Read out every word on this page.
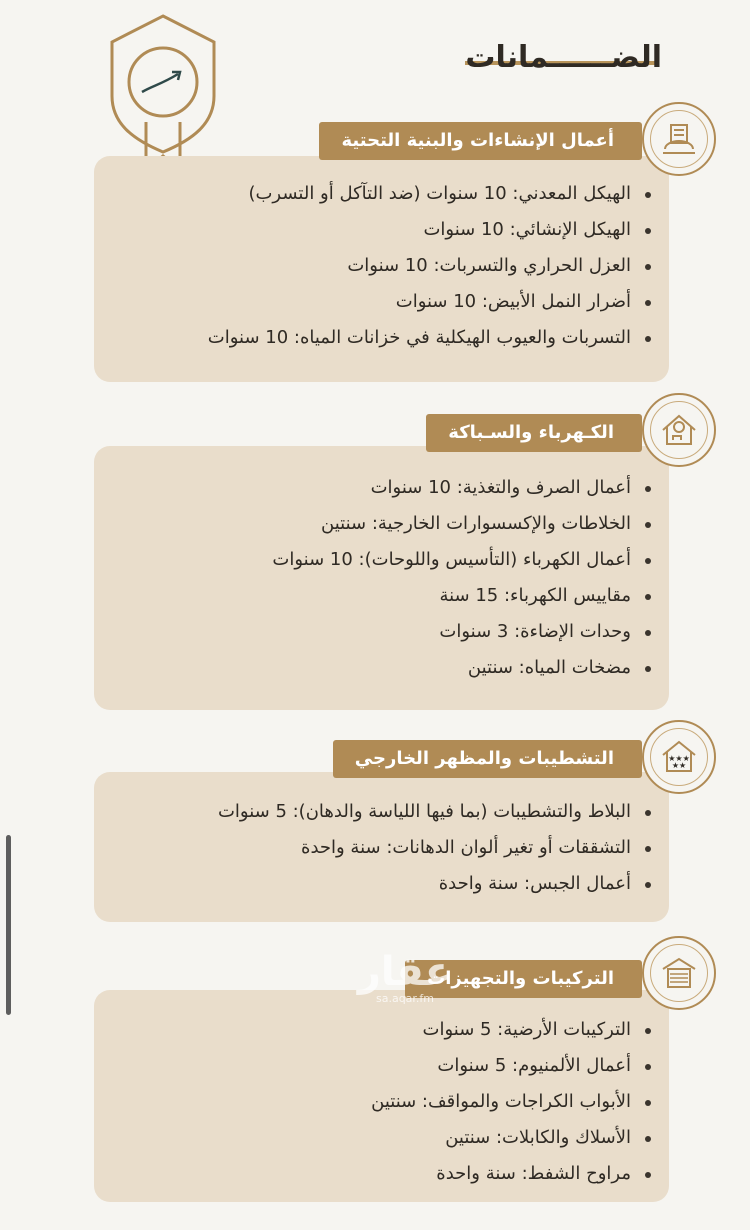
الضــــــمانات
الهيكل المعدني: 10 سنوات (ضد التآكل أو التسرب)
الهيكل الإنشائي: 10 سنوات
العزل الحراري والتسربات: 10 سنوات
أضرار النمل الأبيض: 10 سنوات
التسربات والعيوب الهيكلية في خزانات المياه: 10 سنوات
أعمال الإنشاءات والبنية التحتية
أعمال الصرف والتغذية: 10 سنوات
الخلاطات والإكسسوارات الخارجية: سنتين
أعمال الكهرباء (التأسيس واللوحات): 10 سنوات
مقاييس الكهرباء: 15 سنة
وحدات الإضاءة: 3 سنوات
مضخات المياه: سنتين
الكـهرباء والسـباكة
البلاط والتشطيبات (بما فيها اللياسة والدهان): 5 سنوات
التشققات أو تغير ألوان الدهانات: سنة واحدة
أعمال الجبس: سنة واحدة
التشطيبات والمظهر الخارجي	★★★
★★
التركيبات الأرضية: 5 سنوات
أعمال الألمنيوم: 5 سنوات
الأبواب الكراجات والمواقف: سنتين
الأسلاك والكابلات: سنتين
مراوح الشفط: سنة واحدة
التركيبات والتجهيزات
عقار
sa.aqar.fm
